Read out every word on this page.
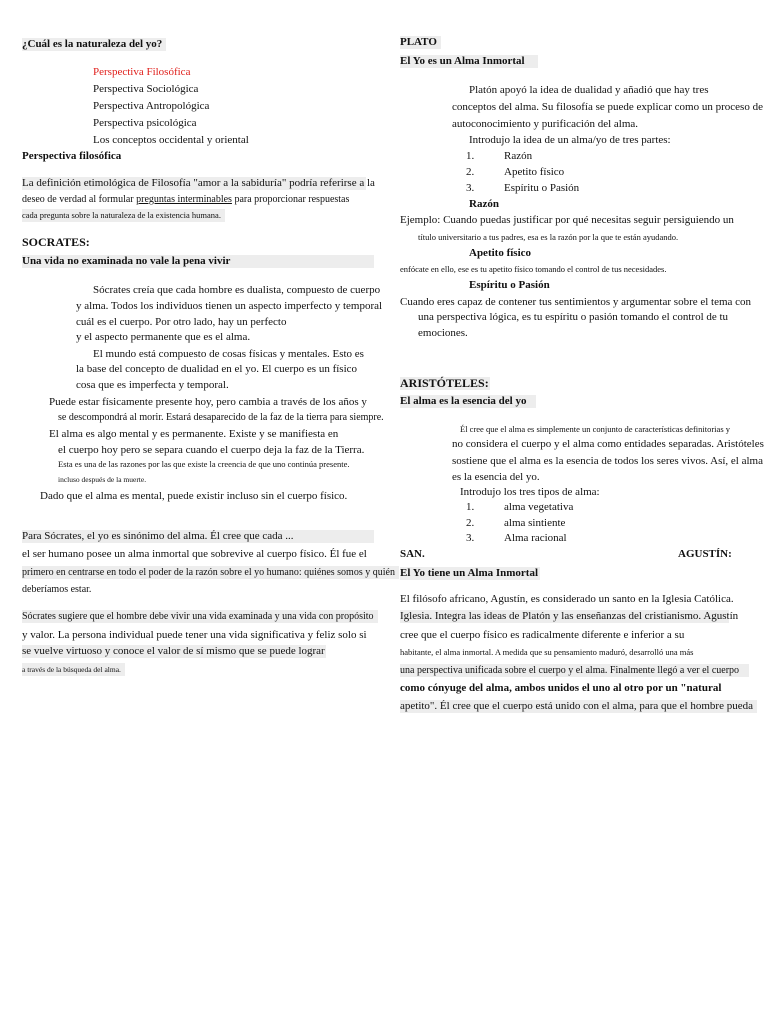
¿Cuál es la naturaleza del yo?
Perspectiva Filosófica
Perspectiva Sociológica
Perspectiva Antropológica
Perspectiva psicológica
Los conceptos occidental y oriental
Perspectiva filosófica
La definición etimológica de Filosofía "amor a la sabiduría" podría referirse a la
deseo de verdad al formular preguntas interminables para proporcionar respuestas
cada pregunta sobre la naturaleza de la existencia humana.
SOCRATES:
Una vida no examinada no vale la pena vivir
Sócrates creía que cada hombre es dualista, compuesto de cuerpo
y alma. Todos los individuos tienen un aspecto imperfecto y temporal
cuál es el cuerpo. Por otro lado, hay un perfecto
y el aspecto permanente que es el alma.
El mundo está compuesto de cosas físicas y mentales. Esto es
la base del concepto de dualidad en el yo. El cuerpo es un físico
cosa que es imperfecta y temporal.
Puede estar físicamente presente hoy, pero cambia a través de los años y
se descompondrá al morir. Estará desaparecido de la faz de la tierra para siempre.
El alma es algo mental y es permanente. Existe y se manifiesta en
el cuerpo hoy pero se separa cuando el cuerpo deja la faz de la Tierra.
Esta es una de las razones por las que existe la creencia de que uno continúa presente.
incluso después de la muerte.
Dado que el alma es mental, puede existir incluso sin el cuerpo físico.
Para Sócrates, el yo es sinónimo del alma. Él cree que cada ...
el ser humano posee un alma inmortal que sobrevive al cuerpo físico. Él fue el
primero en centrarse en todo el poder de la razón sobre el yo humano: quiénes somos y quién
deberíamos estar.
Sócrates sugiere que el hombre debe vivir una vida examinada y una vida con propósito
y valor. La persona individual puede tener una vida significativa y feliz solo si
se vuelve virtuoso y conoce el valor de sí mismo que se puede lograr
a través de la búsqueda del alma.
PLATO
El Yo es un Alma Inmortal
Platón apoyó la idea de dualidad y añadió que hay tres
conceptos del alma. Su filosofía se puede explicar como un proceso de
autoconocimiento y purificación del alma.
Introdujo la idea de un alma/yo de tres partes:
1.	Razón
2.	Apetito físico
3.	Espíritu o Pasión
Razón
Ejemplo: Cuando puedas justificar por qué necesitas seguir persiguiendo un
título universitario a tus padres, esa es la razón por la que te están ayudando.
Apetito físico
enfócate en ello, ese es tu apetito físico tomando el control de tus necesidades.
Espíritu o Pasión
Cuando eres capaz de contener tus sentimientos y argumentar sobre el tema con
una perspectiva lógica, es tu espíritu o pasión tomando el control de tu
emociones.
ARISTÓTELES:
El alma es la esencia del yo
Él cree que el alma es simplemente un conjunto de características definitorias y
no considera el cuerpo y el alma como entidades separadas. Aristóteles
sostiene que el alma es la esencia de todos los seres vivos. Así, el alma
es la esencia del yo.
Introdujo los tres tipos de alma:
1.	alma vegetativa
2.	alma sintiente
3.	Alma racional
SAN.	AGUSTÍN:
El Yo tiene un Alma Inmortal
El filósofo africano, Agustín, es considerado un santo en la Iglesia Católica.
Iglesia. Integra las ideas de Platón y las enseñanzas del cristianismo. Agustín
cree que el cuerpo físico es radicalmente diferente e inferior a su
habitante, el alma inmortal. A medida que su pensamiento maduró, desarrolló una más
una perspectiva unificada sobre el cuerpo y el alma. Finalmente llegó a ver el cuerpo
como cónyuge del alma, ambos unidos el uno al otro por un "natural
apetito". Él cree que el cuerpo está unido con el alma, para que el hombre pueda
